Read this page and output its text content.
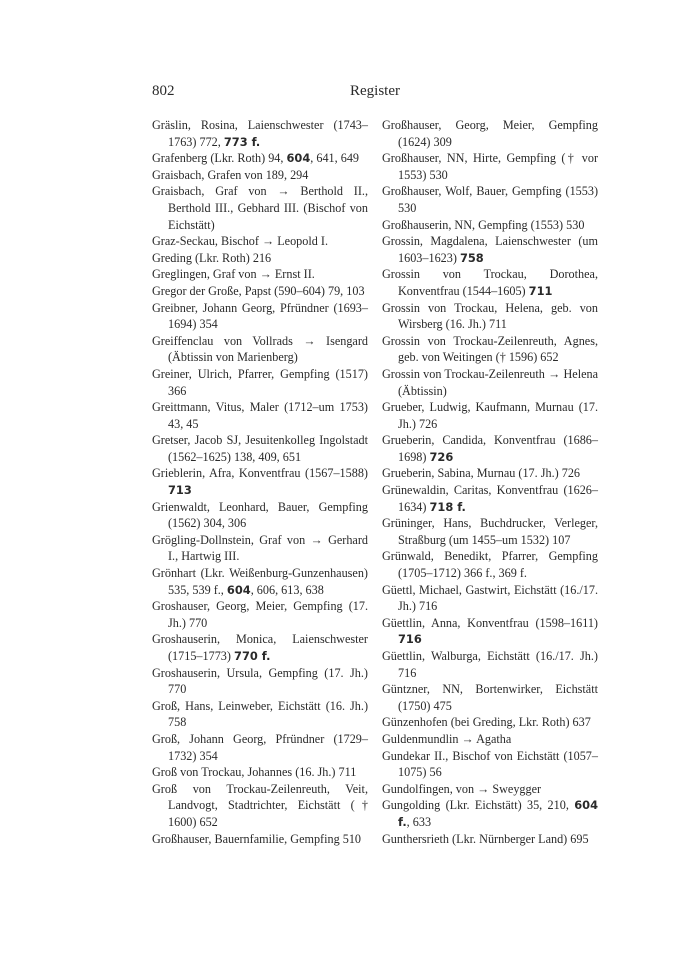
802	Register

Gräslin, Rosina, Laienschwester (1743–1763) 772, 773 f.

Grafenberg (Lkr. Roth) 94, 604, 641, 649

Graisbach, Grafen von 189, 294

Graisbach, Graf von → Berthold II., Berthold III., Gebhard III. (Bischof von Eichstätt)

Graz-Seckau, Bischof → Leopold I.

Greding (Lkr. Roth) 216

Greglingen, Graf von → Ernst II.

Gregor der Große, Papst (590–604) 79, 103

Greibner, Johann Georg, Pfründner (1693–1694) 354

Greiffenclau von Vollrads → Isengard (Äbtissin von Marienberg)

Greiner, Ulrich, Pfarrer, Gempfing (1517) 366

Greittmann, Vitus, Maler (1712–um 1753) 43, 45

Gretser, Jacob SJ, Jesuitenkolleg Ingolstadt (1562–1625) 138, 409, 651

Grieblerin, Afra, Konventfrau (1567–1588) 713

Grienwaldt, Leonhard, Bauer, Gempfing (1562) 304, 306

Grögling-Dollnstein, Graf von → Gerhard I., Hartwig III.

Grönhart (Lkr. Weißenburg-Gunzenhausen) 535, 539 f., 604, 606, 613, 638

Groshauser, Georg, Meier, Gempfing (17. Jh.) 770

Groshauserin, Monica, Laienschwester (1715–1773) 770 f.

Groshauserin, Ursula, Gempfing (17. Jh.) 770

Groß, Hans, Leinweber, Eichstätt (16. Jh.) 758

Groß, Johann Georg, Pfründner (1729–1732) 354

Groß von Trockau, Johannes (16. Jh.) 711

Groß von Trockau-Zeilenreuth, Veit, Landvogt, Stadtrichter, Eichstätt († 1600) 652

Großhauser, Bauernfamilie, Gempfing 510

Großhauser, Georg, Meier, Gempfing (1624) 309

Großhauser, NN, Hirte, Gempfing († vor 1553) 530

Großhauser, Wolf, Bauer, Gempfing (1553) 530

Großhauserin, NN, Gempfing (1553) 530

Grossin, Magdalena, Laienschwester (um 1603–1623) 758

Grossin von Trockau, Dorothea, Konventfrau (1544–1605) 711

Grossin von Trockau, Helena, geb. von Wirsberg (16. Jh.) 711

Grossin von Trockau-Zeilenreuth, Agnes, geb. von Weitingen († 1596) 652

Grossin von Trockau-Zeilenreuth → Helena (Äbtissin)

Grueber, Ludwig, Kaufmann, Murnau (17. Jh.) 726

Grueberin, Candida, Konventfrau (1686–1698) 726

Grueberin, Sabina, Murnau (17. Jh.) 726

Grünewaldin, Caritas, Konventfrau (1626–1634) 718 f.

Grüninger, Hans, Buchdrucker, Verleger, Straßburg (um 1455–um 1532) 107

Grünwald, Benedikt, Pfarrer, Gempfing (1705–1712) 366 f., 369 f.

Güettl, Michael, Gastwirt, Eichstätt (16./17. Jh.) 716

Güettlin, Anna, Konventfrau (1598–1611) 716

Güettlin, Walburga, Eichstätt (16./17. Jh.) 716

Güntzner, NN, Bortenwirker, Eichstätt (1750) 475

Günzenhofen (bei Greding, Lkr. Roth) 637

Guldenmundlin → Agatha

Gundekar II., Bischof von Eichstätt (1057–1075) 56

Gundolfingen, von → Sweygger

Gungolding (Lkr. Eichstätt) 35, 210, 604 f., 633

Gunthersrieth (Lkr. Nürnberger Land) 695
